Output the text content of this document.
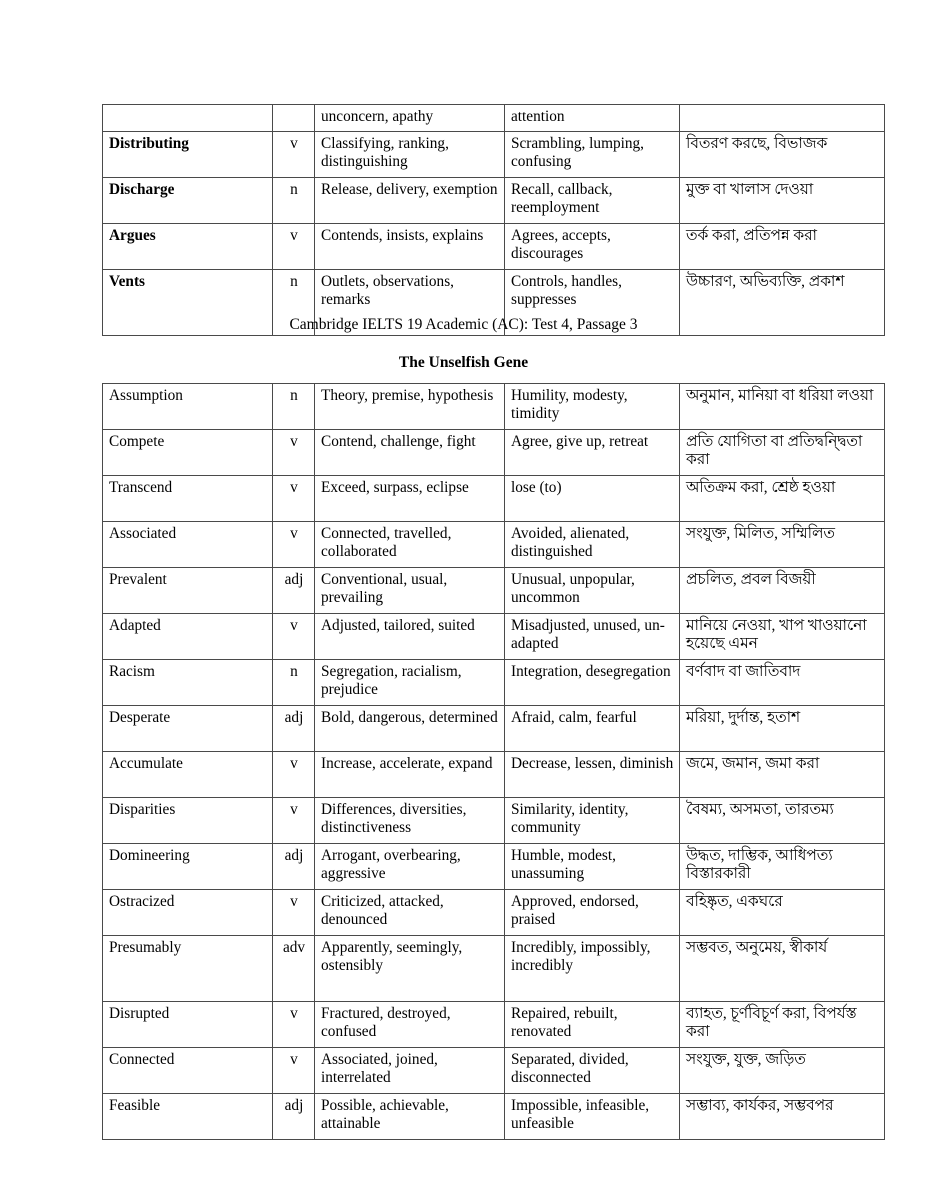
		unconcern, apathy	attention	
Distributing	v	Classifying, ranking, distinguishing	Scrambling, lumping, confusing	বিতরণ করছে, বিভাজক
Discharge	n	Release, delivery, exemption	Recall, callback, reemployment	মুক্ত বা খালাস দেওয়া
Argues	v	Contends, insists, explains	Agrees, accepts, discourages	তর্ক করা, প্রতিপন্ন করা
Vents	n	Outlets, observations, remarks	Controls, handles, suppresses	উচ্চারণ, অভিব্যক্তি, প্রকাশ
Cambridge IELTS 19 Academic (AC): Test 4, Passage 3
The Unselfish Gene
Assumption	n	Theory, premise, hypothesis	Humility, modesty, timidity	অনুমান, মানিয়া বা ধরিয়া লওয়া
Compete	v	Contend, challenge, fight	Agree, give up, retreat	প্রতি যোগিতা বা প্রতিদ্বন্দ্বিতা করা
Transcend	v	Exceed, surpass, eclipse	lose (to)	অতিক্রম করা, শ্রেষ্ঠ হওয়া
Associated	v	Connected, travelled, collaborated	Avoided, alienated, distinguished	সংযুক্ত, মিলিত, সম্মিলিত
Prevalent	adj	Conventional, usual, prevailing	Unusual, unpopular, uncommon	প্রচলিত, প্রবল বিজয়ী
Adapted	v	Adjusted, tailored, suited	Misadjusted, unused, un-adapted	মানিয়ে নেওয়া, খাপ খাওয়ানো হয়েছে এমন
Racism	n	Segregation, racialism, prejudice	Integration, desegregation	বর্ণবাদ বা জাতিবাদ
Desperate	adj	Bold, dangerous, determined	Afraid, calm, fearful	মরিয়া, দুর্দান্ত, হতাশ
Accumulate	v	Increase, accelerate, expand	Decrease, lessen, diminish	জমে, জমান, জমা করা
Disparities	v	Differences, diversities, distinctiveness	Similarity, identity, community	বৈষম্য, অসমতা, তারতম্য
Domineering	adj	Arrogant, overbearing, aggressive	Humble, modest, unassuming	উদ্ধত, দাম্ভিক, আধিপত্য বিস্তারকারী
Ostracized	v	Criticized, attacked, denounced	Approved, endorsed, praised	বহিষ্কৃত, একঘরে
Presumably	adv	Apparently, seemingly, ostensibly	Incredibly, impossibly, incredibly	সম্ভবত, অনুমেয়, স্বীকার্য
Disrupted	v	Fractured, destroyed, confused	Repaired, rebuilt, renovated	ব্যাহত, চূর্ণবিচূর্ণ করা, বিপর্যস্ত করা
Connected	v	Associated, joined, interrelated	Separated, divided, disconnected	সংযুক্ত, যুক্ত, জড়িত
Feasible	adj	Possible, achievable, attainable	Impossible, infeasible, unfeasible	সম্ভাব্য, কার্যকর, সম্ভবপর
